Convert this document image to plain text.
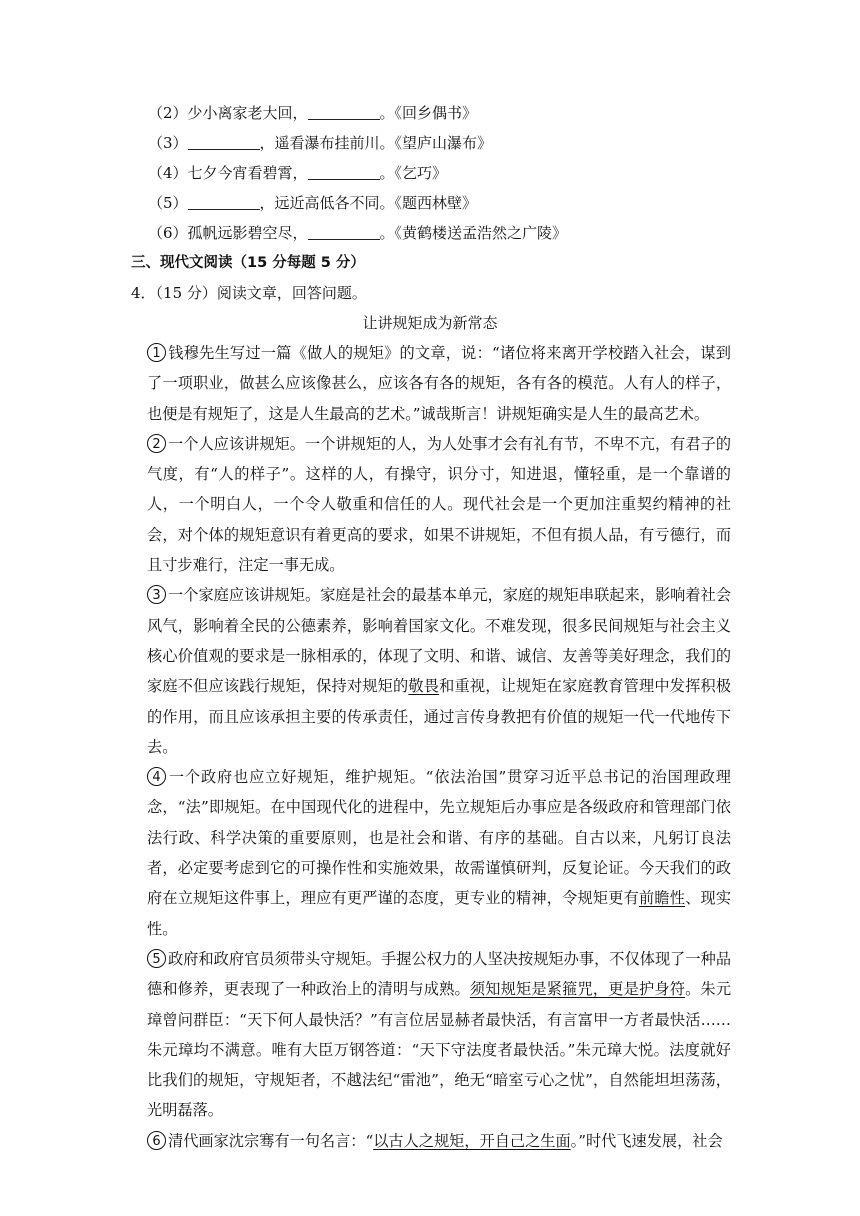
（2）少小离家老大回，	。《回乡偶书》
（3）	，遥看瀑布挂前川。《望庐山瀑布》
（4）七夕今宵看碧霄，	。《乞巧》
（5）	，远近高低各不同。《题西林壁》
（6）孤帆远影碧空尽，	。《黄鹤楼送孟浩然之广陵》
三、现代文阅读（15 分每题 5 分）
4．（15 分）阅读文章，回答问题。
让讲规矩成为新常态

1 钱穆先生写过一篇《做人的规矩》的文章，说：“诸位将来离开学校踏入社会，谋到了一项职业，做甚么应该像甚么，应该各有各的规矩，各有各的模范。人有人的样子，也便是有规矩了，这是人生最高的艺术。”诚哉斯言！讲规矩确实是人生的最高艺术。

2 一个人应该讲规矩。一个讲规矩的人，为人处事才会有礼有节，不卑不亢，有君子的气度，有“人的样子”。这样的人，有操守，识分寸，知进退，懂轻重，是一个靠谱的人，一个明白人，一个令人敬重和信任的人。现代社会是一个更加注重契约精神的社会，对个体的规矩意识有着更高的要求，如果不讲规矩，不但有损人品，有亏德行，而且寸步难行，注定一事无成。

3 一个家庭应该讲规矩。家庭是社会的最基本单元，家庭的规矩串联起来，影响着社会风气，影响着全民的公德素养，影响着国家文化。不难发现，很多民间规矩与社会主义核心价值观的要求是一脉相承的，体现了文明、和谐、诚信、友善等美好理念，我们的家庭不但应该践行规矩，保持对规矩的敬畏和重视，让规矩在家庭教育管理中发挥积极的作用，而且应该承担主要的传承责任，通过言传身教把有价值的规矩一代一代地传下去。

4 一个政府也应立好规矩，维护规矩。“依法治国”贯穿习近平总书记的治国理政理念，“法”即规矩。在中国现代化的进程中，先立规矩后办事应是各级政府和管理部门依法行政、科学决策的重要原则，也是社会和谐、有序的基础。自古以来，凡躬订良法者，必定要考虑到它的可操作性和实施效果，故需谨慎研判，反复论证。今天我们的政府在立规矩这件事上，理应有更严谨的态度，更专业的精神，令规矩更有前瞻性、现实性。

5 政府和政府官员须带头守规矩。手握公权力的人坚决按规矩办事，不仅体现了一种品德和修养，更表现了一种政治上的清明与成熟。须知规矩是紧箍咒，更是护身符。朱元璋曾问群臣：“天下何人最快活？”有言位居显赫者最快活，有言富甲一方者最快活……朱元璋均不满意。唯有大臣万钢答道：“天下守法度者最快活。”朱元璋大悦。法度就好比我们的规矩，守规矩者，不越法纪“雷池”，绝无“暗室亏心之忧”，自然能坦坦荡荡，光明磊落。

6 清代画家沈宗骞有一句名言：“以古人之规矩，开自己之生面。”时代飞速发展，社会
